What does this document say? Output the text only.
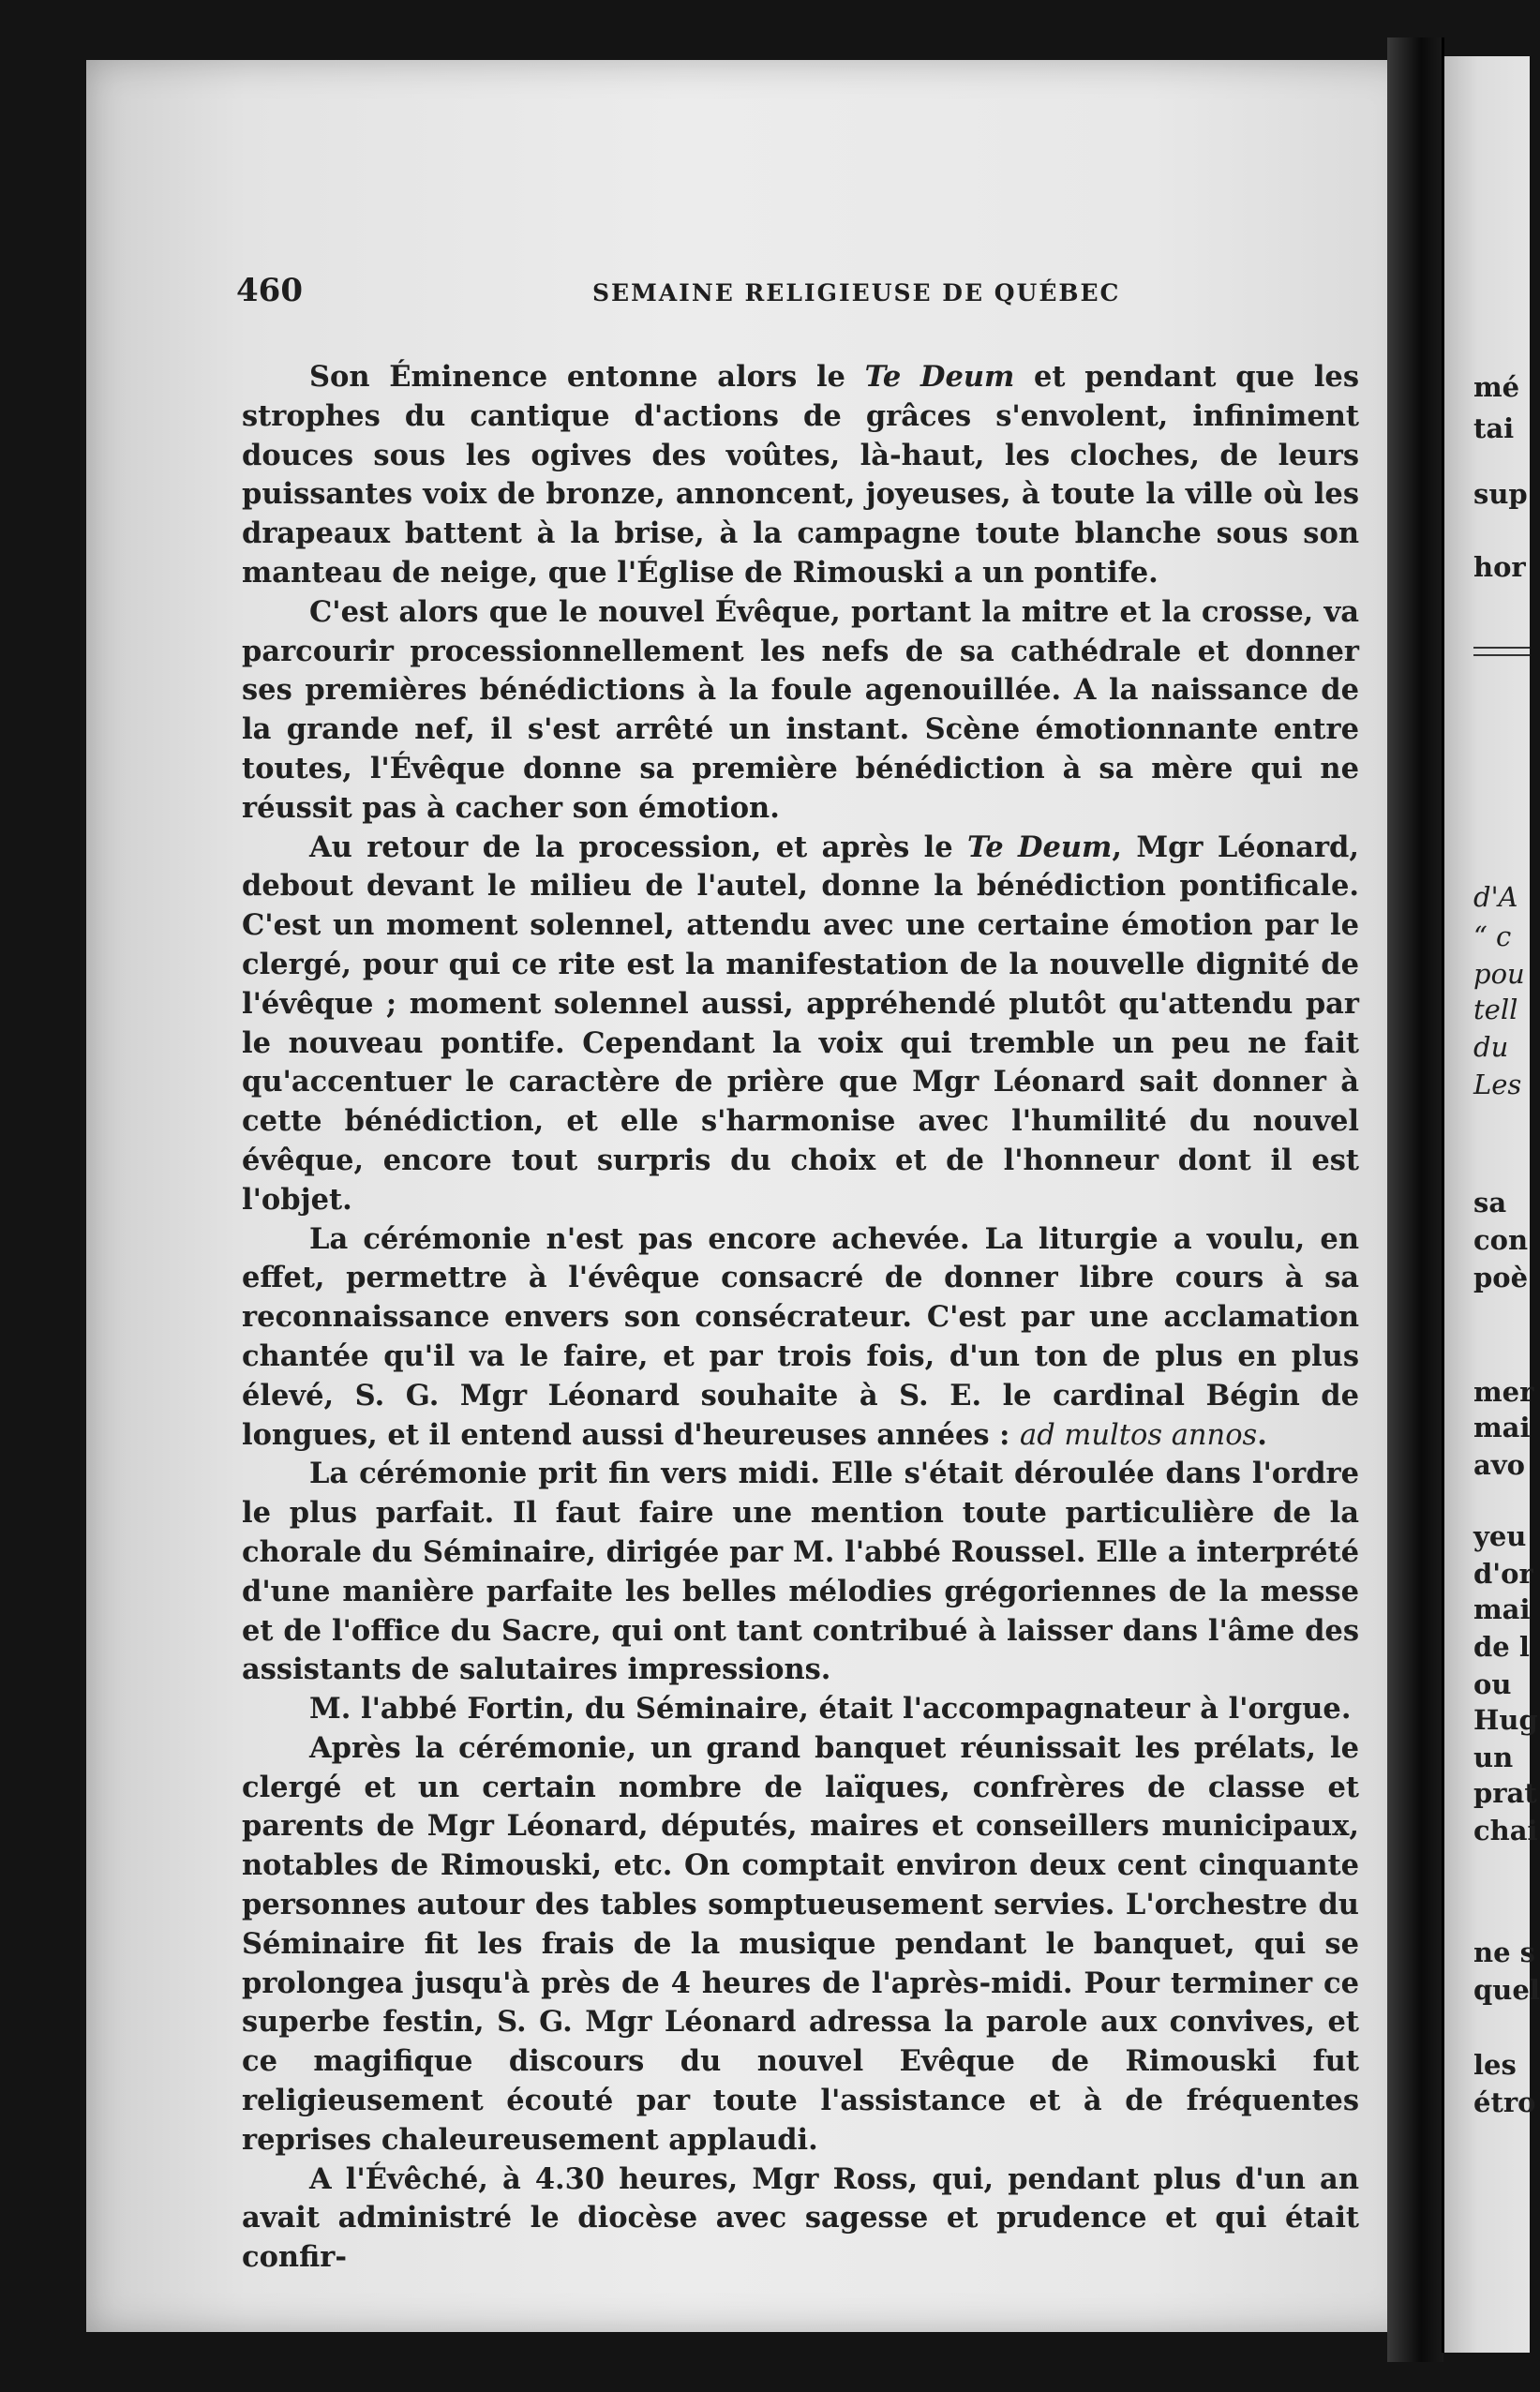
460	SEMAINE RELIGIEUSE DE QUÉBEC

Son Éminence entonne alors le Te Deum et pendant que les strophes du cantique d'actions de grâces s'envolent, infiniment douces sous les ogives des voûtes, là-haut, les cloches, de leurs puissantes voix de bronze, annoncent, joyeuses, à toute la ville où les drapeaux battent à la brise, à la campagne toute blanche sous son manteau de neige, que l'Église de Rimouski a un pontife.

C'est alors que le nouvel Évêque, portant la mitre et la crosse, va parcourir processionnellement les nefs de sa cathédrale et donner ses premières bénédictions à la foule agenouillée. A la naissance de la grande nef, il s'est arrêté un instant. Scène émotionnante entre toutes, l'Évêque donne sa première bénédiction à sa mère qui ne réussit pas à cacher son émotion.

Au retour de la procession, et après le Te Deum, Mgr Léonard, debout devant le milieu de l'autel, donne la bénédiction pontificale. C'est un moment solennel, attendu avec une certaine émotion par le clergé, pour qui ce rite est la manifestation de la nouvelle dignité de l'évêque ; moment solennel aussi, appréhendé plutôt qu'attendu par le nouveau pontife. Cependant la voix qui tremble un peu ne fait qu'accentuer le caractère de prière que Mgr Léonard sait donner à cette bénédiction, et elle s'harmonise avec l'humilité du nouvel évêque, encore tout surpris du choix et de l'honneur dont il est l'objet.

La cérémonie n'est pas encore achevée. La liturgie a voulu, en effet, permettre à l'évêque consacré de donner libre cours à sa reconnaissance envers son consécrateur. C'est par une acclamation chantée qu'il va le faire, et par trois fois, d'un ton de plus en plus élevé, S. G. Mgr Léonard souhaite à S. E. le cardinal Bégin de longues, et il entend aussi d'heureuses années : ad multos annos.

La cérémonie prit fin vers midi. Elle s'était déroulée dans l'ordre le plus parfait. Il faut faire une mention toute particulière de la chorale du Séminaire, dirigée par M. l'abbé Roussel. Elle a interprété d'une manière parfaite les belles mélodies grégoriennes de la messe et de l'office du Sacre, qui ont tant contribué à laisser dans l'âme des assistants de salutaires impressions.

M. l'abbé Fortin, du Séminaire, était l'accompagnateur à l'orgue.

Après la cérémonie, un grand banquet réunissait les prélats, le clergé et un certain nombre de laïques, confrères de classe et parents de Mgr Léonard, députés, maires et conseillers municipaux, notables de Rimouski, etc. On comptait environ deux cent cinquante personnes autour des tables somptueusement servies. L'orchestre du Séminaire fit les frais de la musique pendant le banquet, qui se prolongea jusqu'à près de 4 heures de l'après-midi. Pour terminer ce superbe festin, S. G. Mgr Léonard adressa la parole aux convives, et ce magifique discours du nouvel Evêque de Rimouski fut religieusement écouté par toute l'assistance et à de fréquentes reprises chaleureusement applaudi.

A l'Évêché, à 4.30 heures, Mgr Ross, qui, pendant plus d'un an avait administré le diocèse avec sagesse et prudence et qui était confir-

mé
tai
sup
hor
d'A
“ c
pou
tell
du
Les
sa
con
poè
mer
mai
avo
yeu
d'or
mai
de l
ou
Hug
un
prat
chai
ne s
quel
les
étro
